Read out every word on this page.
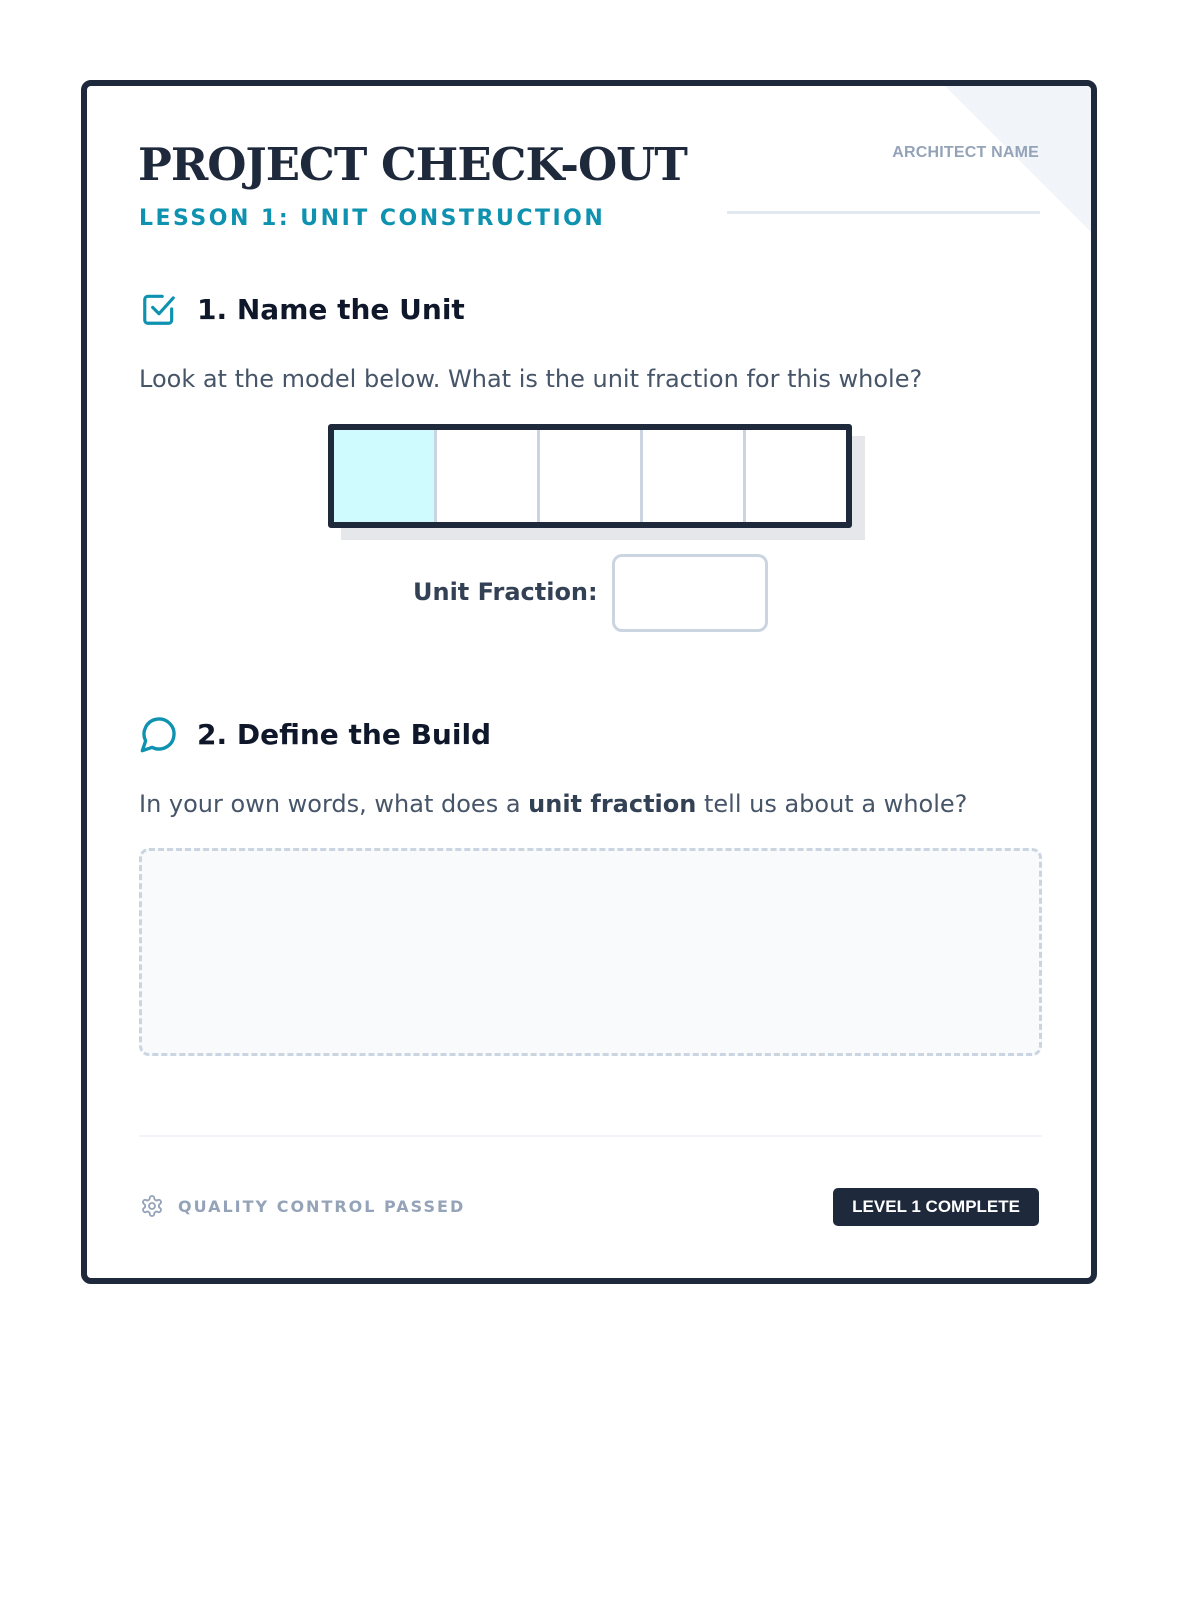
PROJECT CHECK-OUT
LESSON 1: UNIT CONSTRUCTION
ARCHITECT NAME
1. Name the Unit
Look at the model below. What is the unit fraction for this whole?
Unit Fraction:
2. Define the Build
In your own words, what does a unit fraction tell us about a whole?
QUALITY CONTROL PASSED	LEVEL 1 COMPLETE
